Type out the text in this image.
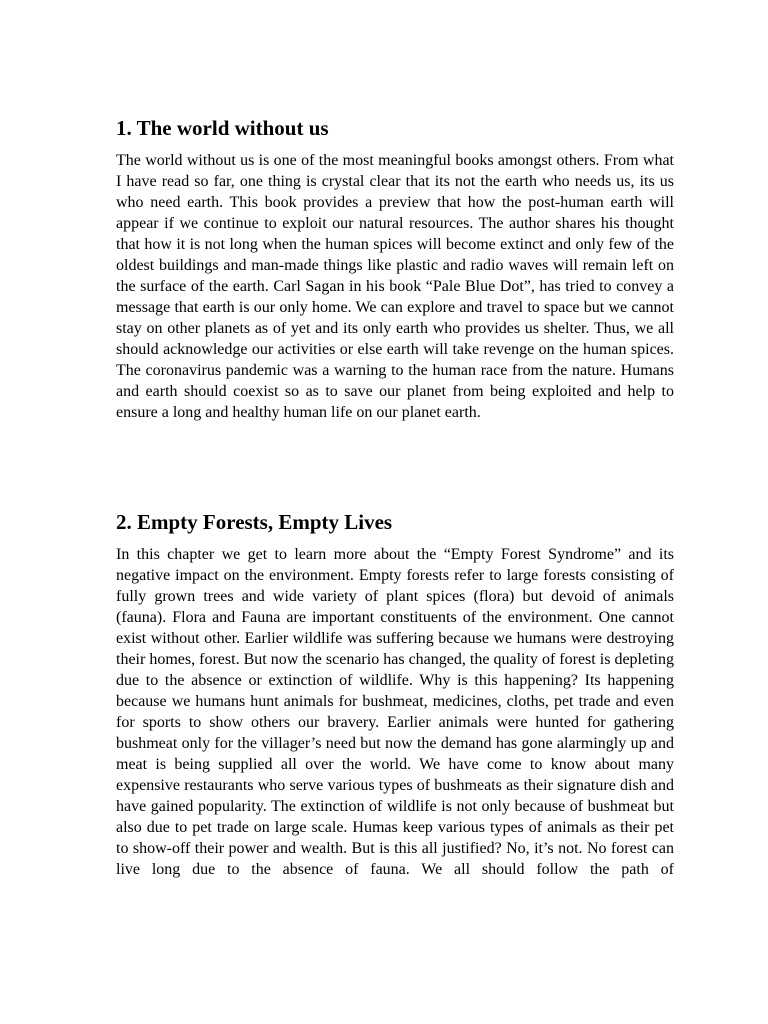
1. The world without us

The world without us is one of the most meaningful books amongst others. From what I have read so far, one thing is crystal clear that its not the earth who needs us, its us who need earth. This book provides a preview that how the post-human earth will appear if we continue to exploit our natural resources. The author shares his thought that how it is not long when the human spices will become extinct and only few of the oldest buildings and man-made things like plastic and radio waves will remain left on the surface of the earth. Carl Sagan in his book “Pale Blue Dot”, has tried to convey a message that earth is our only home. We can explore and travel to space but we cannot stay on other planets as of yet and its only earth who provides us shelter. Thus, we all should acknowledge our activities or else earth will take revenge on the human spices. The coronavirus pandemic was a warning to the human race from the nature. Humans and earth should coexist so as to save our planet from being exploited and help to ensure a long and healthy human life on our planet earth.

2. Empty Forests, Empty Lives

In this chapter we get to learn more about the “Empty Forest Syndrome” and its negative impact on the environment. Empty forests refer to large forests consisting of fully grown trees and wide variety of plant spices (flora) but devoid of animals (fauna). Flora and Fauna are important constituents of the environment. One cannot exist without other. Earlier wildlife was suffering because we humans were destroying their homes, forest. But now the scenario has changed, the quality of forest is depleting due to the absence or extinction of wildlife. Why is this happening? Its happening because we humans hunt animals for bushmeat, medicines, cloths, pet trade and even for sports to show others our bravery. Earlier animals were hunted for gathering bushmeat only for the villager’s need but now the demand has gone alarmingly up and meat is being supplied all over the world. We have come to know about many expensive restaurants who serve various types of bushmeats as their signature dish and have gained popularity. The extinction of wildlife is not only because of bushmeat but also due to pet trade on large scale. Humas keep various types of animals as their pet to show-off their power and wealth. But is this all justified? No, it’s not. No forest can live long due to the absence of fauna. We all should follow the path of
